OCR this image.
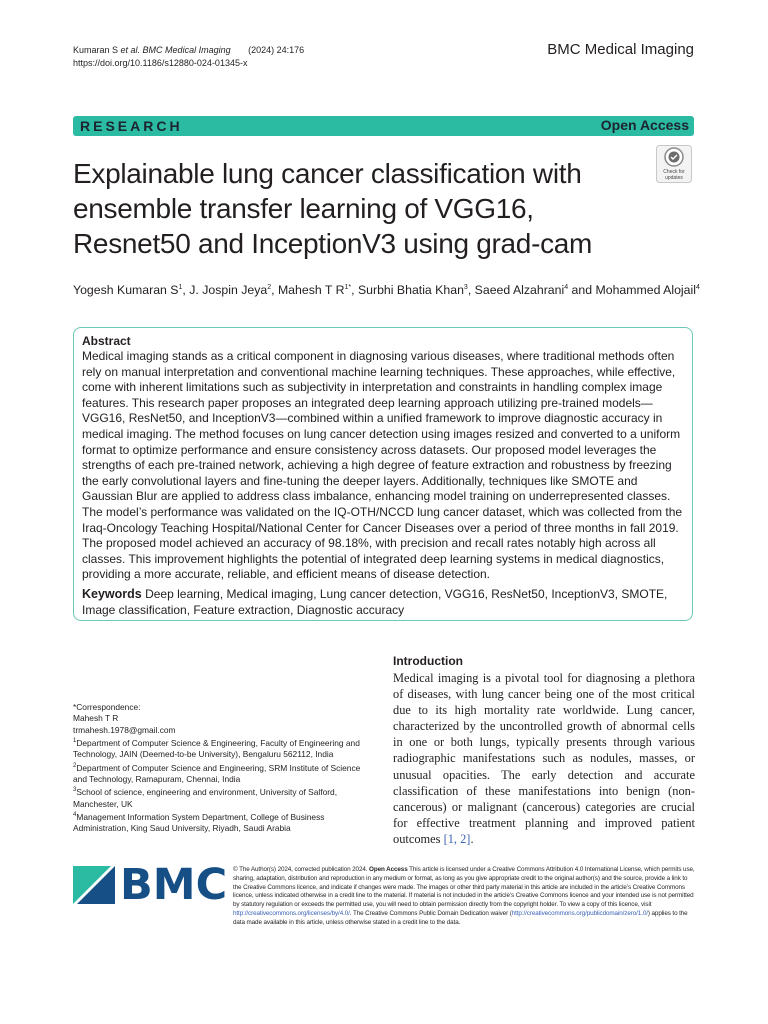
Kumaran S et al. BMC Medical Imaging (2024) 24:176
https://doi.org/10.1186/s12880-024-01345-x
BMC Medical Imaging
RESEARCH	Open Access
Check for
updates
Explainable lung cancer classification with ensemble transfer learning of VGG16, Resnet50 and InceptionV3 using grad-cam
Yogesh Kumaran $S^1$, J. Jospin Jeya$^2$, Mahesh T $R^{1*}$, Surbhi Bhatia Khan$^3$, Saeed Alzahrani$^4$ and Mohammed Alojail$^4$
Abstract
Medical imaging stands as a critical component in diagnosing various diseases, where traditional methods often rely on manual interpretation and conventional machine learning techniques. These approaches, while effective, come with inherent limitations such as subjectivity in interpretation and constraints in handling complex image features. This research paper proposes an integrated deep learning approach utilizing pre-trained models—VGG16, ResNet50, and InceptionV3—combined within a unified framework to improve diagnostic accuracy in medical imaging. The method focuses on lung cancer detection using images resized and converted to a uniform format to optimize performance and ensure consistency across datasets. Our proposed model leverages the strengths of each pre-trained network, achieving a high degree of feature extraction and robustness by freezing the early convolutional layers and fine-tuning the deeper layers. Additionally, techniques like SMOTE and Gaussian Blur are applied to address class imbalance, enhancing model training on underrepresented classes. The model’s performance was validated on the IQ-OTH/NCCD lung cancer dataset, which was collected from the Iraq-Oncology Teaching Hospital/National Center for Cancer Diseases over a period of three months in fall 2019. The proposed model achieved an accuracy of 98.18%, with precision and recall rates notably high across all classes. This improvement highlights the potential of integrated deep learning systems in medical diagnostics, providing a more accurate, reliable, and efficient means of disease detection.
Keywords Deep learning, Medical imaging, Lung cancer detection, VGG16, ResNet50, InceptionV3, SMOTE, Image classification, Feature extraction, Diagnostic accuracy
Introduction
Medical imaging is a pivotal tool for diagnosing a plethora of diseases, with lung cancer being one of the most critical due to its high mortality rate worldwide. Lung cancer, characterized by the uncontrolled growth of abnormal cells in one or both lungs, typically presents through various radiographic manifestations such as nodules, masses, or unusual opacities. The early detection and accurate classification of these manifestations into benign (non-cancerous) or malignant (cancerous) categories are crucial for effective treatment planning and improved patient outcomes [1, 2].
*Correspondence:
Mahesh T R
trmahesh.1978@gmail.com
$^1$Department of Computer Science & Engineering, Faculty of Engineering and Technology, JAIN (Deemed-to-be University), Bengaluru 562112, India
$^2$Department of Computer Science and Engineering, SRM Institute of Science and Technology, Ramapuram, Chennai, India
$^3$School of science, engineering and environment, University of Salford, Manchester, UK
$^4$Management Information System Department, College of Business Administration, King Saud University, Riyadh, Saudi Arabia
BMC © The Author(s) 2024, corrected publication 2024. Open Access This article is licensed under a Creative Commons Attribution 4.0 International License, which permits use, sharing, adaptation, distribution and reproduction in any medium or format, as long as you give appropriate credit to the original author(s) and the source, provide a link to the Creative Commons licence, and indicate if changes were made. The images or other third party material in this article are included in the article’s Creative Commons licence, unless indicated otherwise in a credit line to the material. If material is not included in the article’s Creative Commons licence and your intended use is not permitted by statutory regulation or exceeds the permitted use, you will need to obtain permission directly from the copyright holder. To view a copy of this licence, visit http://creativecommons.org/licenses/by/4.0/. The Creative Commons Public Domain Dedication waiver (http://creativecommons.org/publicdomain/zero/1.0/) applies to the data made available in this article, unless otherwise stated in a credit line to the data.
